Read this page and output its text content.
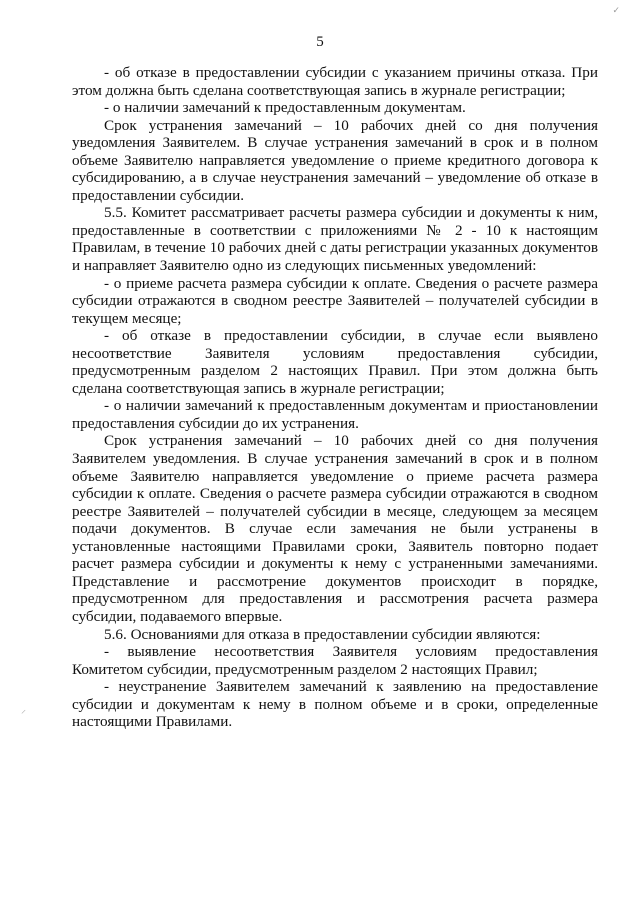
✓
⸍
5

- об отказе в предоставлении субсидии с указанием причины отказа. При этом должна быть сделана соответствующая запись в журнале регистрации;

- о наличии замечаний к предоставленным документам.

Срок устранения замечаний – 10 рабочих дней со дня получения уведомления Заявителем. В случае устранения замечаний в срок и в полном объеме Заявителю направляется уведомление о приеме кредитного договора к субсидированию, а в случае неустранения замечаний – уведомление об отказе в предоставлении субсидии.

5.5. Комитет рассматривает расчеты размера субсидии и документы к ним, предоставленные в соответствии с приложениями № 2 - 10 к настоящим Правилам, в течение 10 рабочих дней с даты регистрации указанных документов и направляет Заявителю одно из следующих письменных уведомлений:

- о приеме расчета размера субсидии к оплате. Сведения о расчете размера субсидии отражаются в сводном реестре Заявителей – получателей субсидии в текущем месяце;

- об отказе в предоставлении субсидии, в случае если выявлено несоответствие Заявителя условиям предоставления субсидии, предусмотренным разделом 2 настоящих Правил. При этом должна быть сделана соответствующая запись в журнале регистрации;

- о наличии замечаний к предоставленным документам и приостановлении предоставления субсидии до их устранения.

Срок устранения замечаний – 10 рабочих дней со дня получения Заявителем уведомления. В случае устранения замечаний в срок и в полном объеме Заявителю направляется уведомление о приеме расчета размера субсидии к оплате. Сведения о расчете размера субсидии отражаются в сводном реестре Заявителей – получателей субсидии в месяце, следующем за месяцем подачи документов. В случае если замечания не были устранены в установленные настоящими Правилами сроки, Заявитель повторно подает расчет размера субсидии и документы к нему с устраненными замечаниями. Представление и рассмотрение документов происходит в порядке, предусмотренном для предоставления и рассмотрения расчета размера субсидии, подаваемого впервые.

5.6. Основаниями для отказа в предоставлении субсидии являются:

- выявление несоответствия Заявителя условиям предоставления Комитетом субсидии, предусмотренным разделом 2 настоящих Правил;

- неустранение Заявителем замечаний к заявлению на предоставление субсидии и документам к нему в полном объеме и в сроки, определенные настоящими Правилами.
